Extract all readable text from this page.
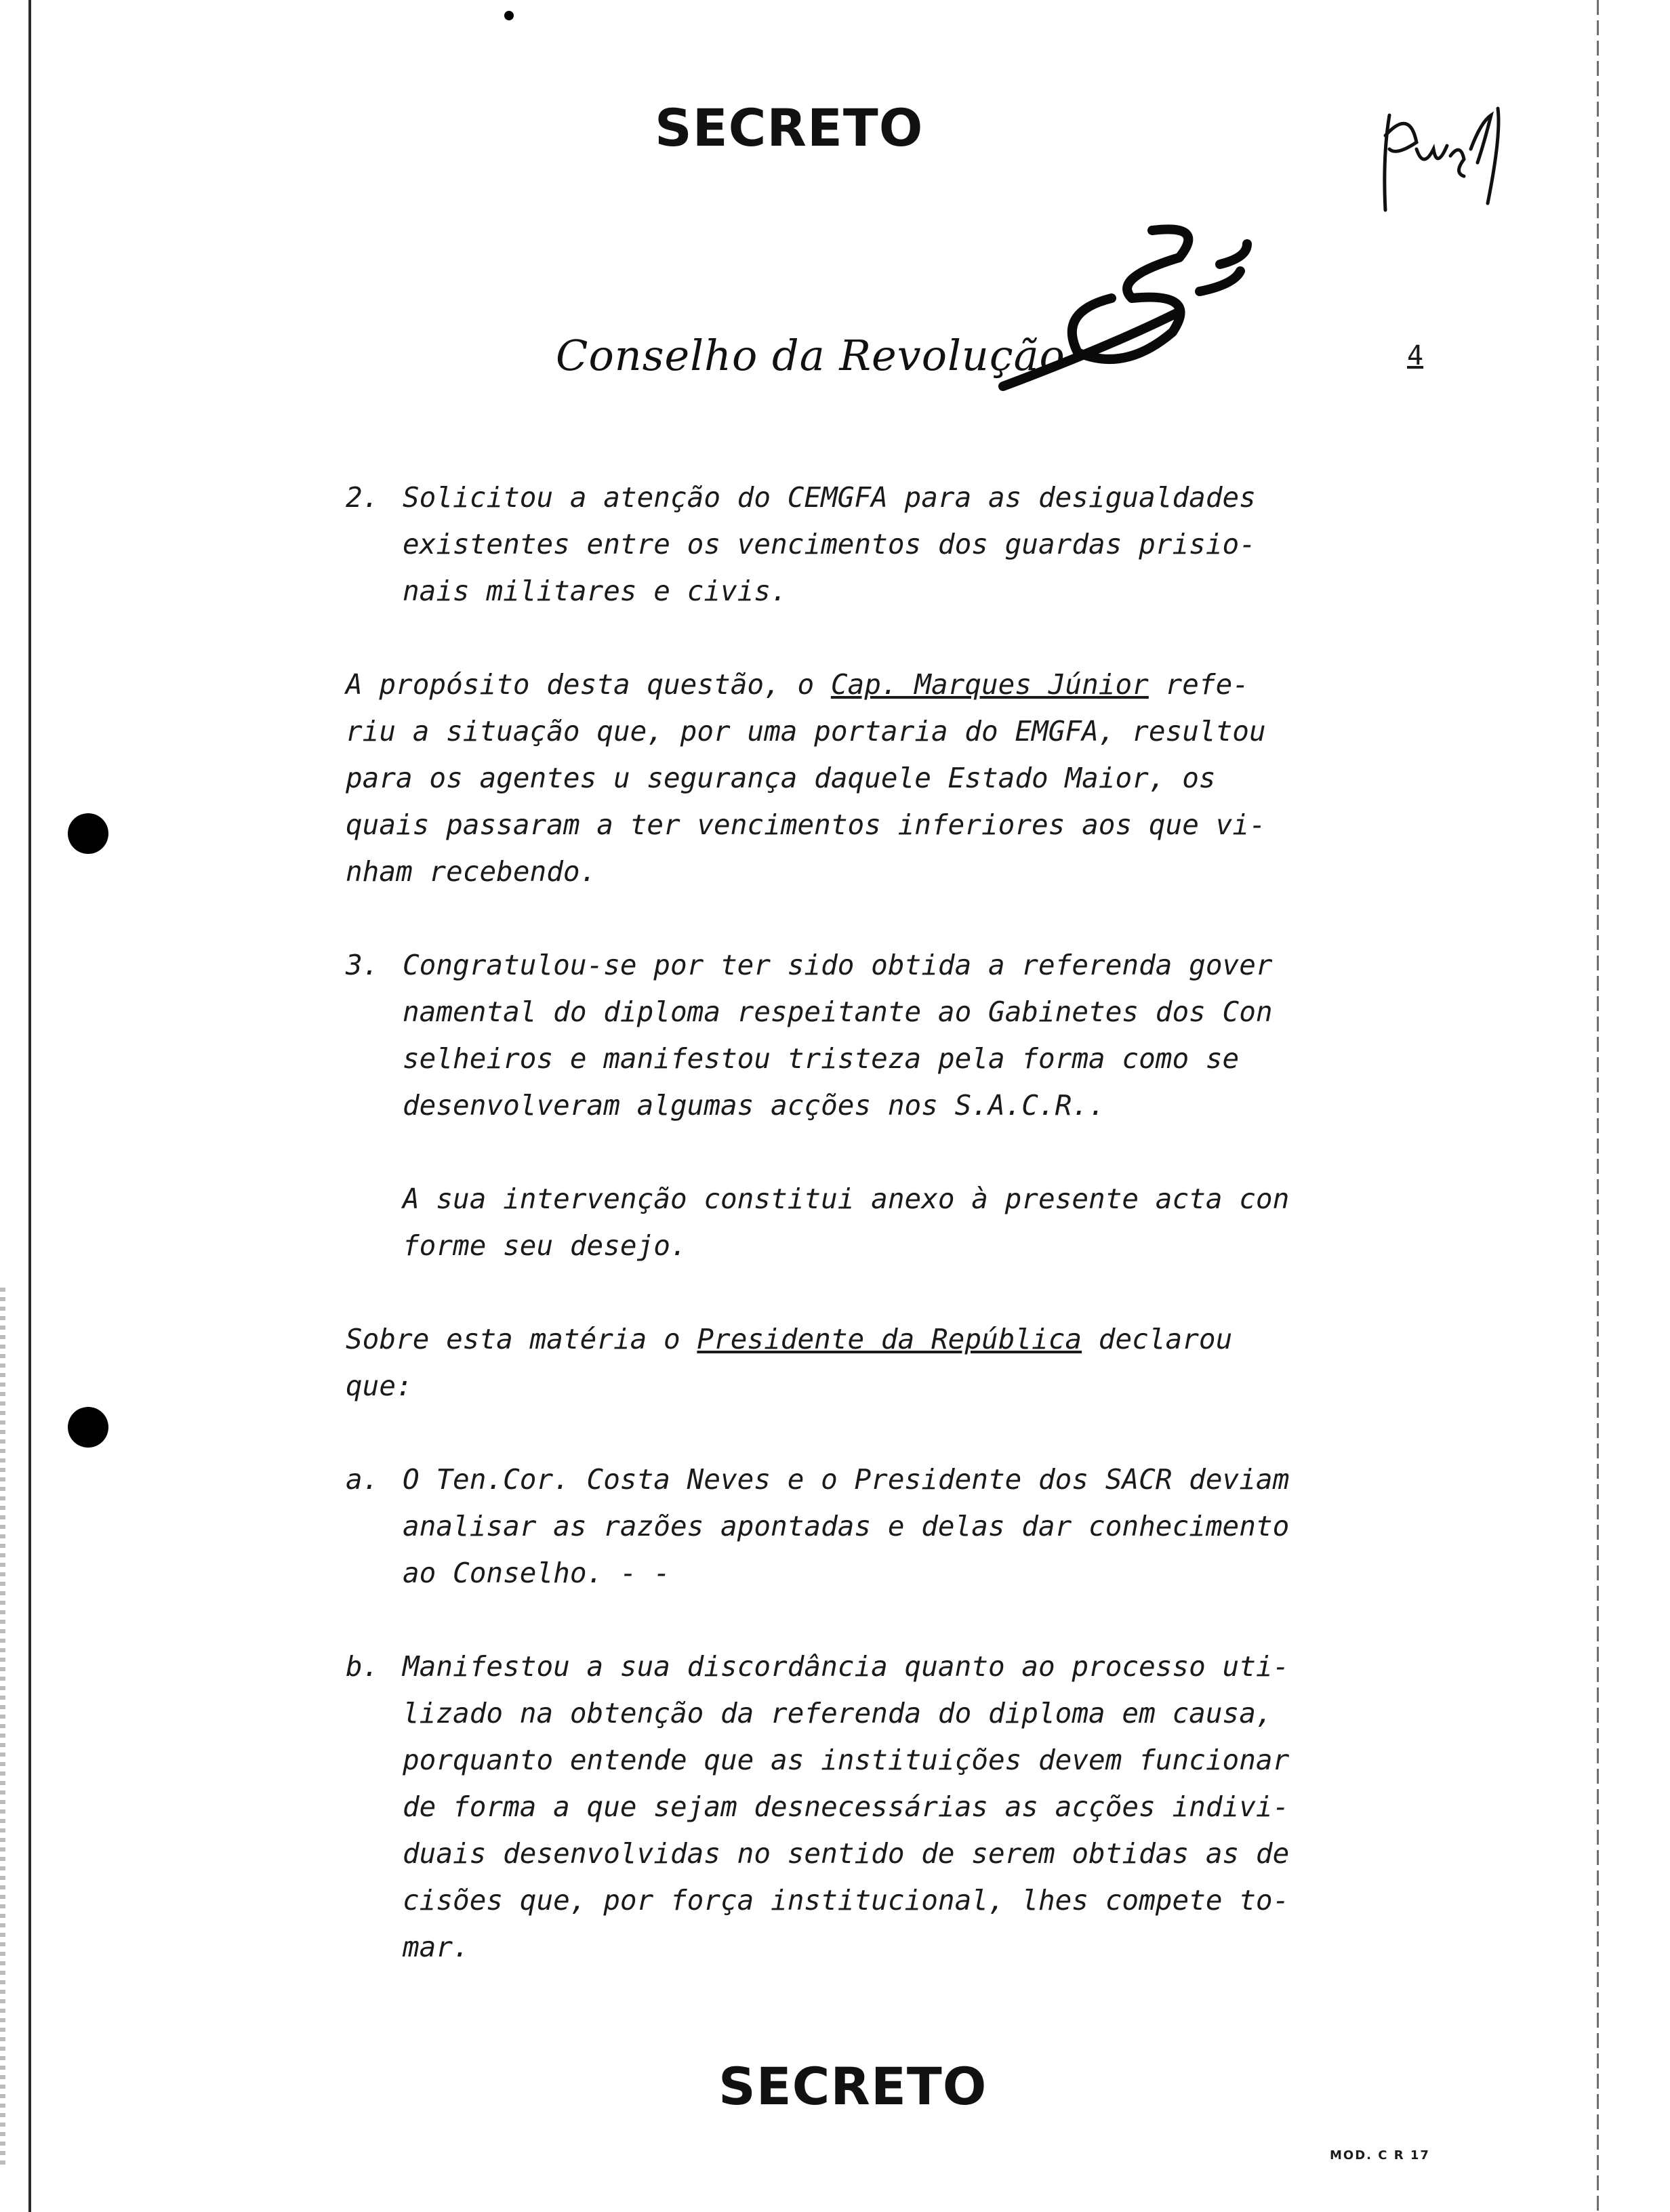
SECRETO
Conselho da Revolução	4
2. Solicitou a atenção do CEMGFA para as desigualdades
existentes entre os vencimentos dos guardas prisio-
nais militares e civis.
A propósito desta questão, o Cap. Marques Júnior refe-
riu a situação que, por uma portaria do EMGFA, resultou
para os agentes u segurança daquele Estado Maior, os
quais passaram a ter vencimentos inferiores aos que vi-
nham recebendo.
3. Congratulou-se por ter sido obtida a referenda gover
namental do diploma respeitante ao Gabinetes dos Con
selheiros e manifestou tristeza pela forma como se
desenvolveram algumas acções nos S.A.C.R..
A sua intervenção constitui anexo à presente acta con
forme seu desejo.
Sobre esta matéria o Presidente da República declarou
que:
a. O Ten.Cor. Costa Neves e o Presidente dos SACR deviam
analisar as razões apontadas e delas dar conhecimento
ao Conselho. - -
b. Manifestou a sua discordância quanto ao processo uti-
lizado na obtenção da referenda do diploma em causa,
porquanto entende que as instituições devem funcionar
de forma a que sejam desnecessárias as acções indivi-
duais desenvolvidas no sentido de serem obtidas as de
cisões que, por força institucional, lhes compete to-
mar.
SECRETO
MOD. C R 17
